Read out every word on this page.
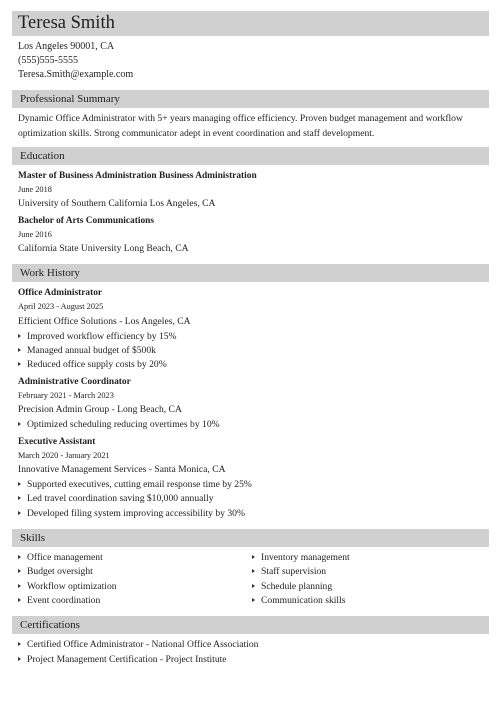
Teresa Smith
Los Angeles 90001, CA
(555)555-5555
Teresa.Smith@example.com
Professional Summary
Dynamic Office Administrator with 5+ years managing office efficiency. Proven budget management and workflow optimization skills. Strong communicator adept in event coordination and staff development.
Education
Master of Business Administration Business Administration
June 2018
University of Southern California Los Angeles, CA
Bachelor of Arts Communications
June 2016
California State University Long Beach, CA
Work History
Office Administrator
April 2023 - August 2025
Efficient Office Solutions - Los Angeles, CA
Improved workflow efficiency by 15%
Managed annual budget of $500k
Reduced office supply costs by 20%
Administrative Coordinator
February 2021 - March 2023
Precision Admin Group - Long Beach, CA
Optimized scheduling reducing overtimes by 10%
Executive Assistant
March 2020 - January 2021
Innovative Management Services - Santa Monica, CA
Supported executives, cutting email response time by 25%
Led travel coordination saving $10,000 annually
Developed filing system improving accessibility by 30%
Skills
Office management
Budget oversight
Workflow optimization
Event coordination
Inventory management
Staff supervision
Schedule planning
Communication skills
Certifications
Certified Office Administrator - National Office Association
Project Management Certification - Project Institute
